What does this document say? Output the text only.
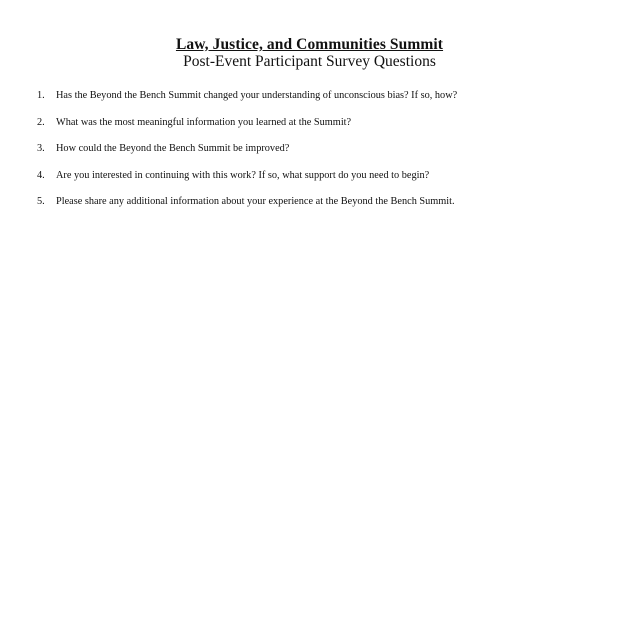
Law, Justice, and Communities Summit
Post-Event Participant Survey Questions
1. Has the Beyond the Bench Summit changed your understanding of unconscious bias? If so, how?
2. What was the most meaningful information you learned at the Summit?
3. How could the Beyond the Bench Summit be improved?
4. Are you interested in continuing with this work? If so, what support do you need to begin?
5. Please share any additional information about your experience at the Beyond the Bench Summit.
